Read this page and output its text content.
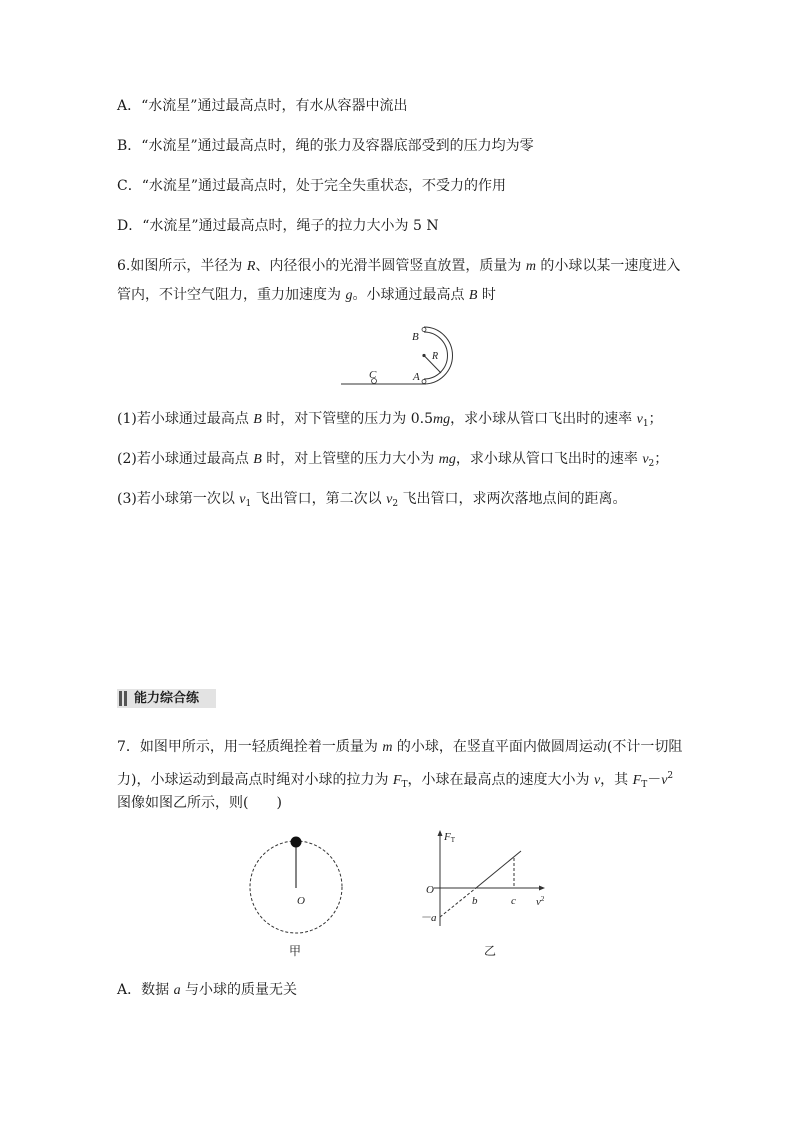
A．“水流星”通过最高点时，有水从容器中流出
B．“水流星”通过最高点时，绳的张力及容器底部受到的压力均为零
C．“水流星”通过最高点时，处于完全失重状态，不受力的作用
D．“水流星”通过最高点时，绳子的拉力大小为 5 N
6.如图所示，半径为 R、内径很小的光滑半圆管竖直放置，质量为 m 的小球以某一速度进入
管内，不计空气阻力，重力加速度为 g。小球通过最高点 B 时
B
R
C	A
(1)若小球通过最高点 B 时，对下管壁的压力为 0.5mg，求小球从管口飞出时的速率 $v_1$；
(2)若小球通过最高点 B 时，对上管壁的压力大小为 mg，求小球从管口飞出时的速率 $v_2$；
(3)若小球第一次以 $v_1$ 飞出管口，第二次以 $v_2$ 飞出管口，求两次落地点间的距离。
能力综合练
7．如图甲所示，用一轻质绳拴着一质量为 m 的小球，在竖直平面内做圆周运动(不计一切阻
力)，小球运动到最高点时绳对小球的拉力为 $F_T$，小球在最高点的速度大小为 v，其 $F_T-v^2$
图像如图乙所示，则(　　)
O
甲
FT
O
－a
b	c $v^2$
乙
A．数据 a 与小球的质量无关
